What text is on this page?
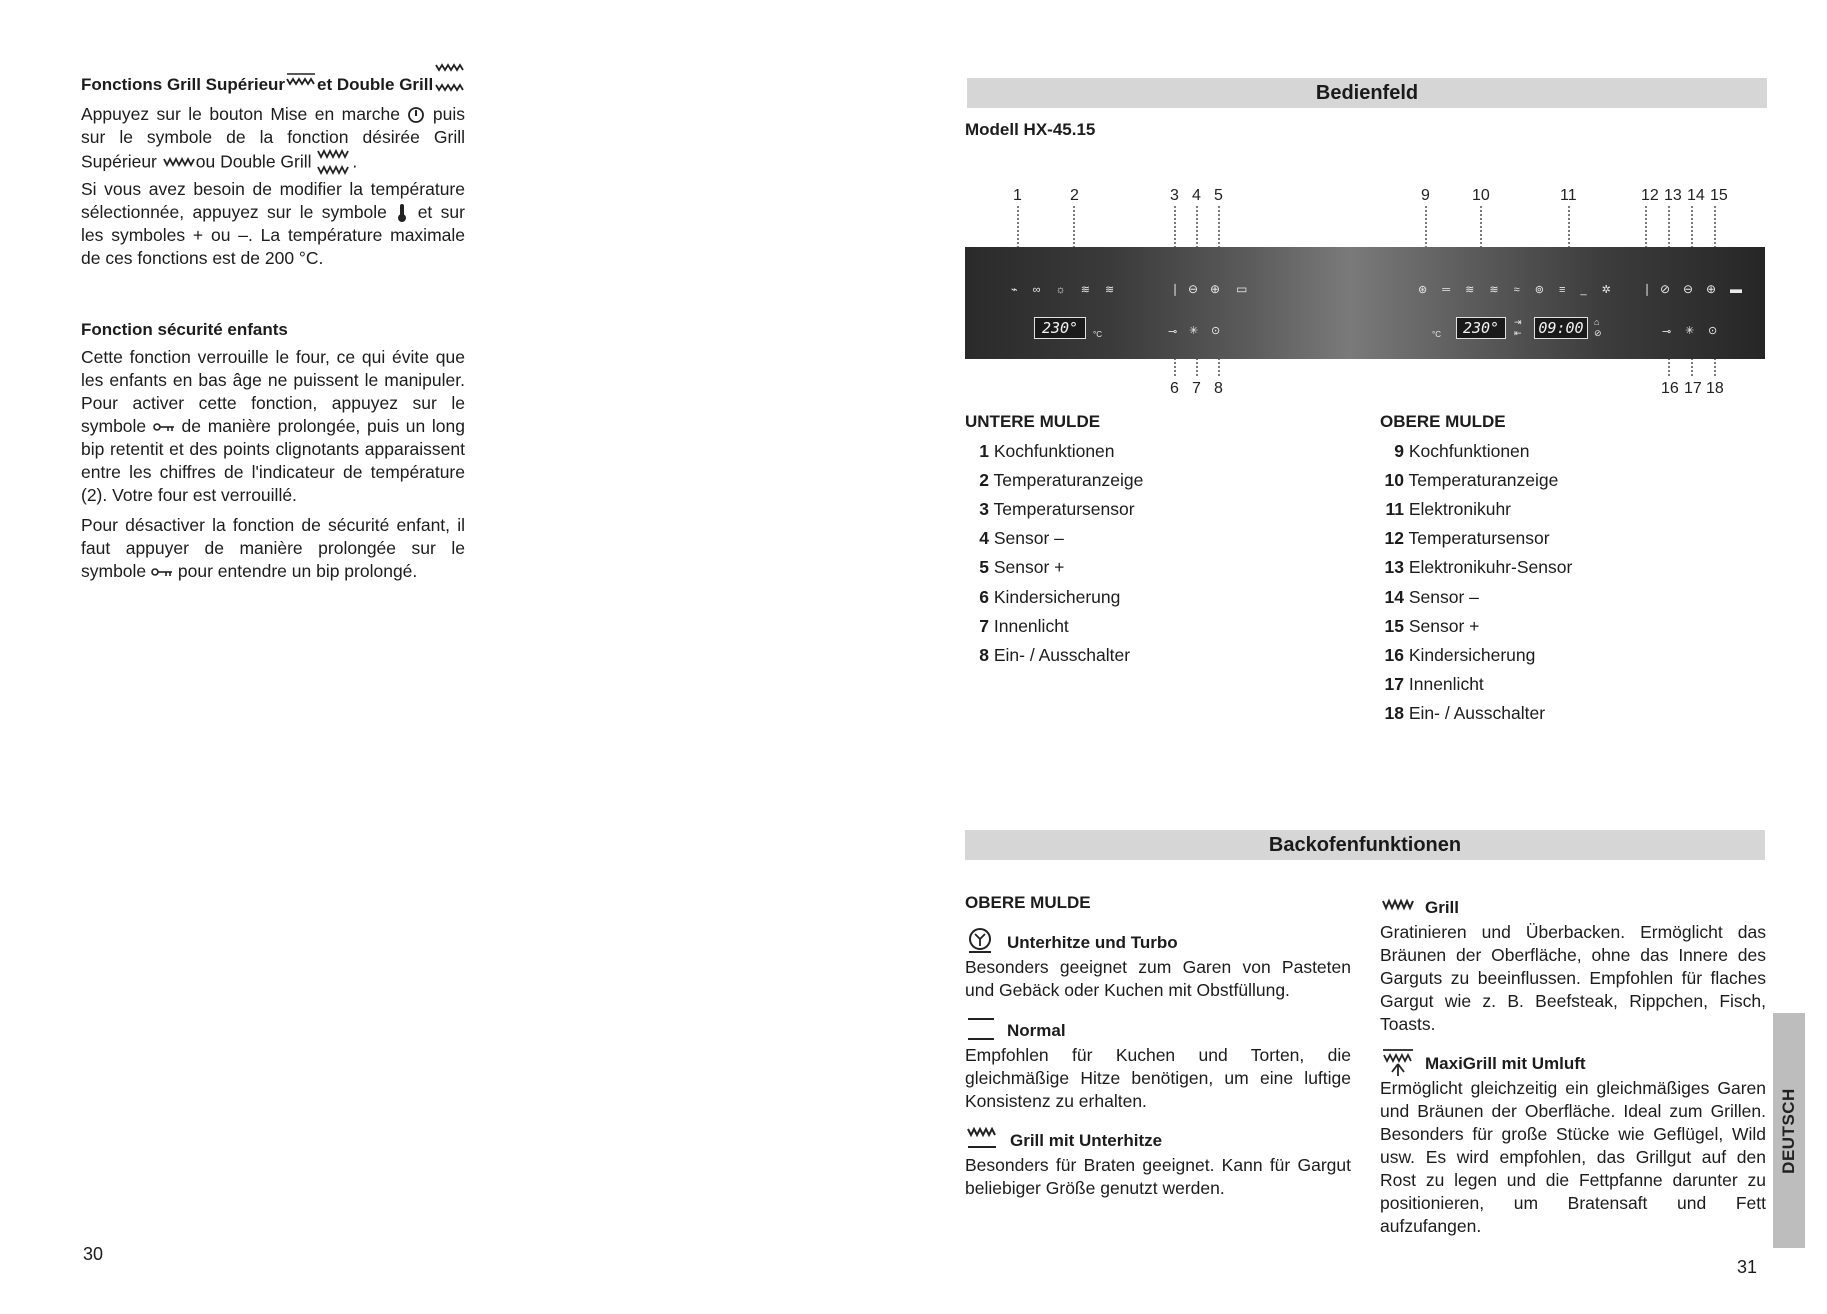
Fonctions Grill Supérieur et Double Grill

Appuyez sur le bouton Mise en marche puis sur le symbole de la fonction désirée Grill Supérieur ou Double Grill .

Si vous avez besoin de modifier la température sélectionnée, appuyez sur le symbole et sur les symboles + ou –. La température maximale de ces fonctions est de 200 °C.

Fonction sécurité enfants

Cette fonction verrouille le four, ce qui évite que les enfants en bas âge ne puissent le manipuler. Pour activer cette fonction, appuyez sur le symbole de manière prolongée, puis un long bip retentit et des points clignotants apparaissent entre les chiffres de l'indicateur de température (2). Votre four est verrouillé.

Pour désactiver la fonction de sécurité enfant, il faut appuyer de manière prolongée sur le symbole pour entendre un bip prolongé.

30
Bedienfeld
Modell HX-45.15
1	2	3 4 5	9	10	11	12 13 14 15
⌁ ∞ ☼ ≋ ≋	❘ ⊖ ⊕ ▭
230°	°C	⊸ ✳ ⊙
⊛ ═ ≋ ≋ ≈ ⊚ ≡ _ ✲
230°
°C
⇥
⇤ 09:00	⌂
⊘
❘ ⊘ ⊖ ⊕ ▬
⊸ ✳ ⊙
6 7 8	16 17 18
UNTERE MULDE
1 Kochfunktionen
2 Temperaturanzeige
3 Temperatursensor
4 Sensor –
5 Sensor +
6 Kindersicherung
7 Innenlicht
8 Ein- / Ausschalter
OBERE MULDE
9 Kochfunktionen
10 Temperaturanzeige
11 Elektronikuhr
12 Temperatursensor
13 Elektronikuhr-Sensor
14 Sensor –
15 Sensor +
16 Kindersicherung
17 Innenlicht
18 Ein- / Ausschalter
Backofenfunktionen
OBERE MULDE
Unterhitze und Turbo

Besonders geeignet zum Garen von Pasteten und Gebäck oder Kuchen mit Obstfüllung.

Normal

Empfohlen für Kuchen und Torten, die gleichmäßige Hitze benötigen, um eine luftige Konsistenz zu erhalten.

Grill mit Unterhitze

Besonders für Braten geeignet. Kann für Gargut beliebiger Größe genutzt werden.

Grill

Gratinieren und Überbacken. Ermöglicht das Bräunen der Oberfläche, ohne das Innere des Garguts zu beeinflussen. Empfohlen für flaches Gargut wie z. B. Beefsteak, Rippchen, Fisch, Toasts.

MaxiGrill mit Umluft

Ermöglicht gleichzeitig ein gleichmäßiges Garen und Bräunen der Oberfläche. Ideal zum Grillen. Besonders für große Stücke wie Geflügel, Wild usw. Es wird empfohlen, das Grillgut auf den Rost zu legen und die Fettpfanne darunter zu positionieren, um Bratensaft und Fett aufzufangen.

DEUTSCH
31
